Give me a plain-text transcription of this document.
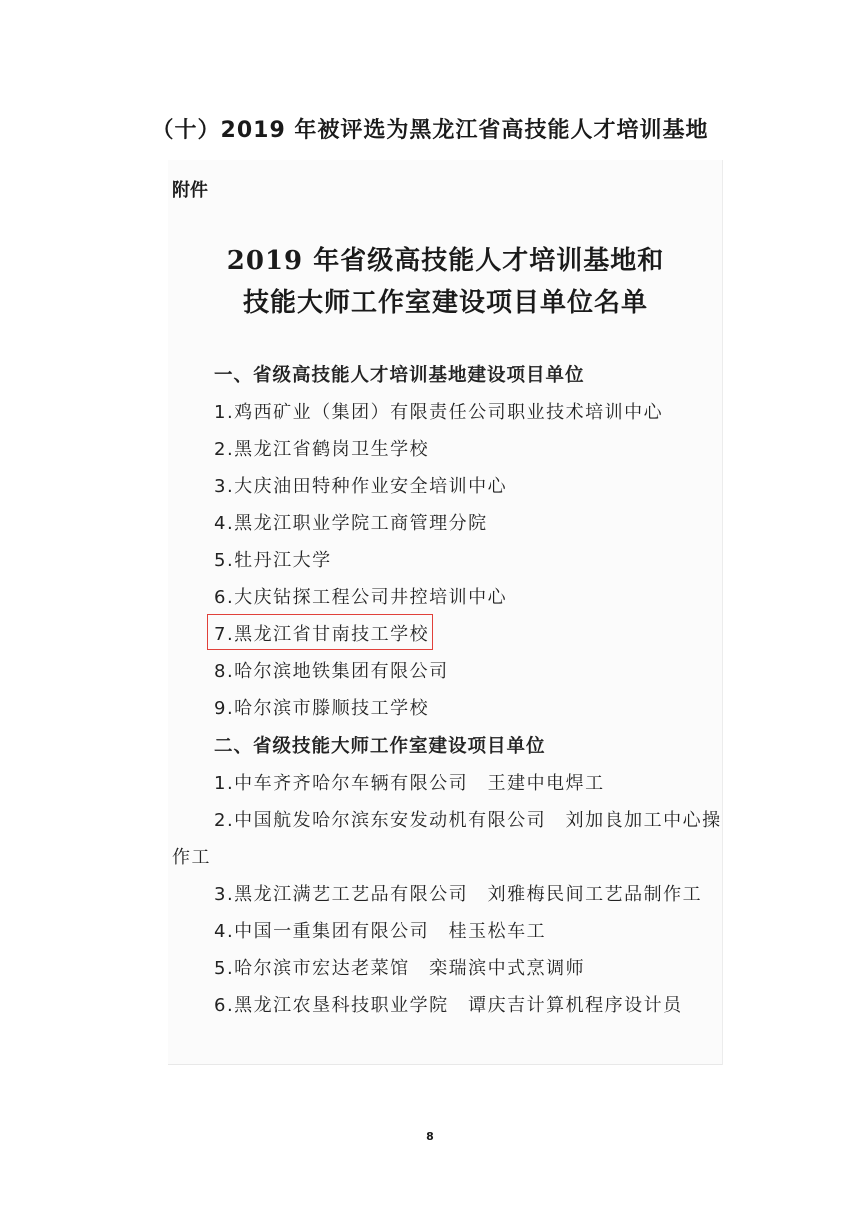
（十）2019 年被评选为黑龙江省高技能人才培训基地
附件
2019 年省级高技能人才培训基地和
技能大师工作室建设项目单位名单
一、省级高技能人才培训基地建设项目单位
1.鸡西矿业（集团）有限责任公司职业技术培训中心
2.黑龙江省鹤岗卫生学校
3.大庆油田特种作业安全培训中心
4.黑龙江职业学院工商管理分院
5.牡丹江大学
6.大庆钻探工程公司井控培训中心
7.黑龙江省甘南技工学校
8.哈尔滨地铁集团有限公司
9.哈尔滨市滕顺技工学校
二、省级技能大师工作室建设项目单位
1.中车齐齐哈尔车辆有限公司　王建中电焊工
2.中国航发哈尔滨东安发动机有限公司　刘加良加工中心操
作工
3.黑龙江满艺工艺品有限公司　刘雅梅民间工艺品制作工
4.中国一重集团有限公司　桂玉松车工
5.哈尔滨市宏达老菜馆　栾瑞滨中式烹调师
6.黑龙江农垦科技职业学院　谭庆吉计算机程序设计员
8
